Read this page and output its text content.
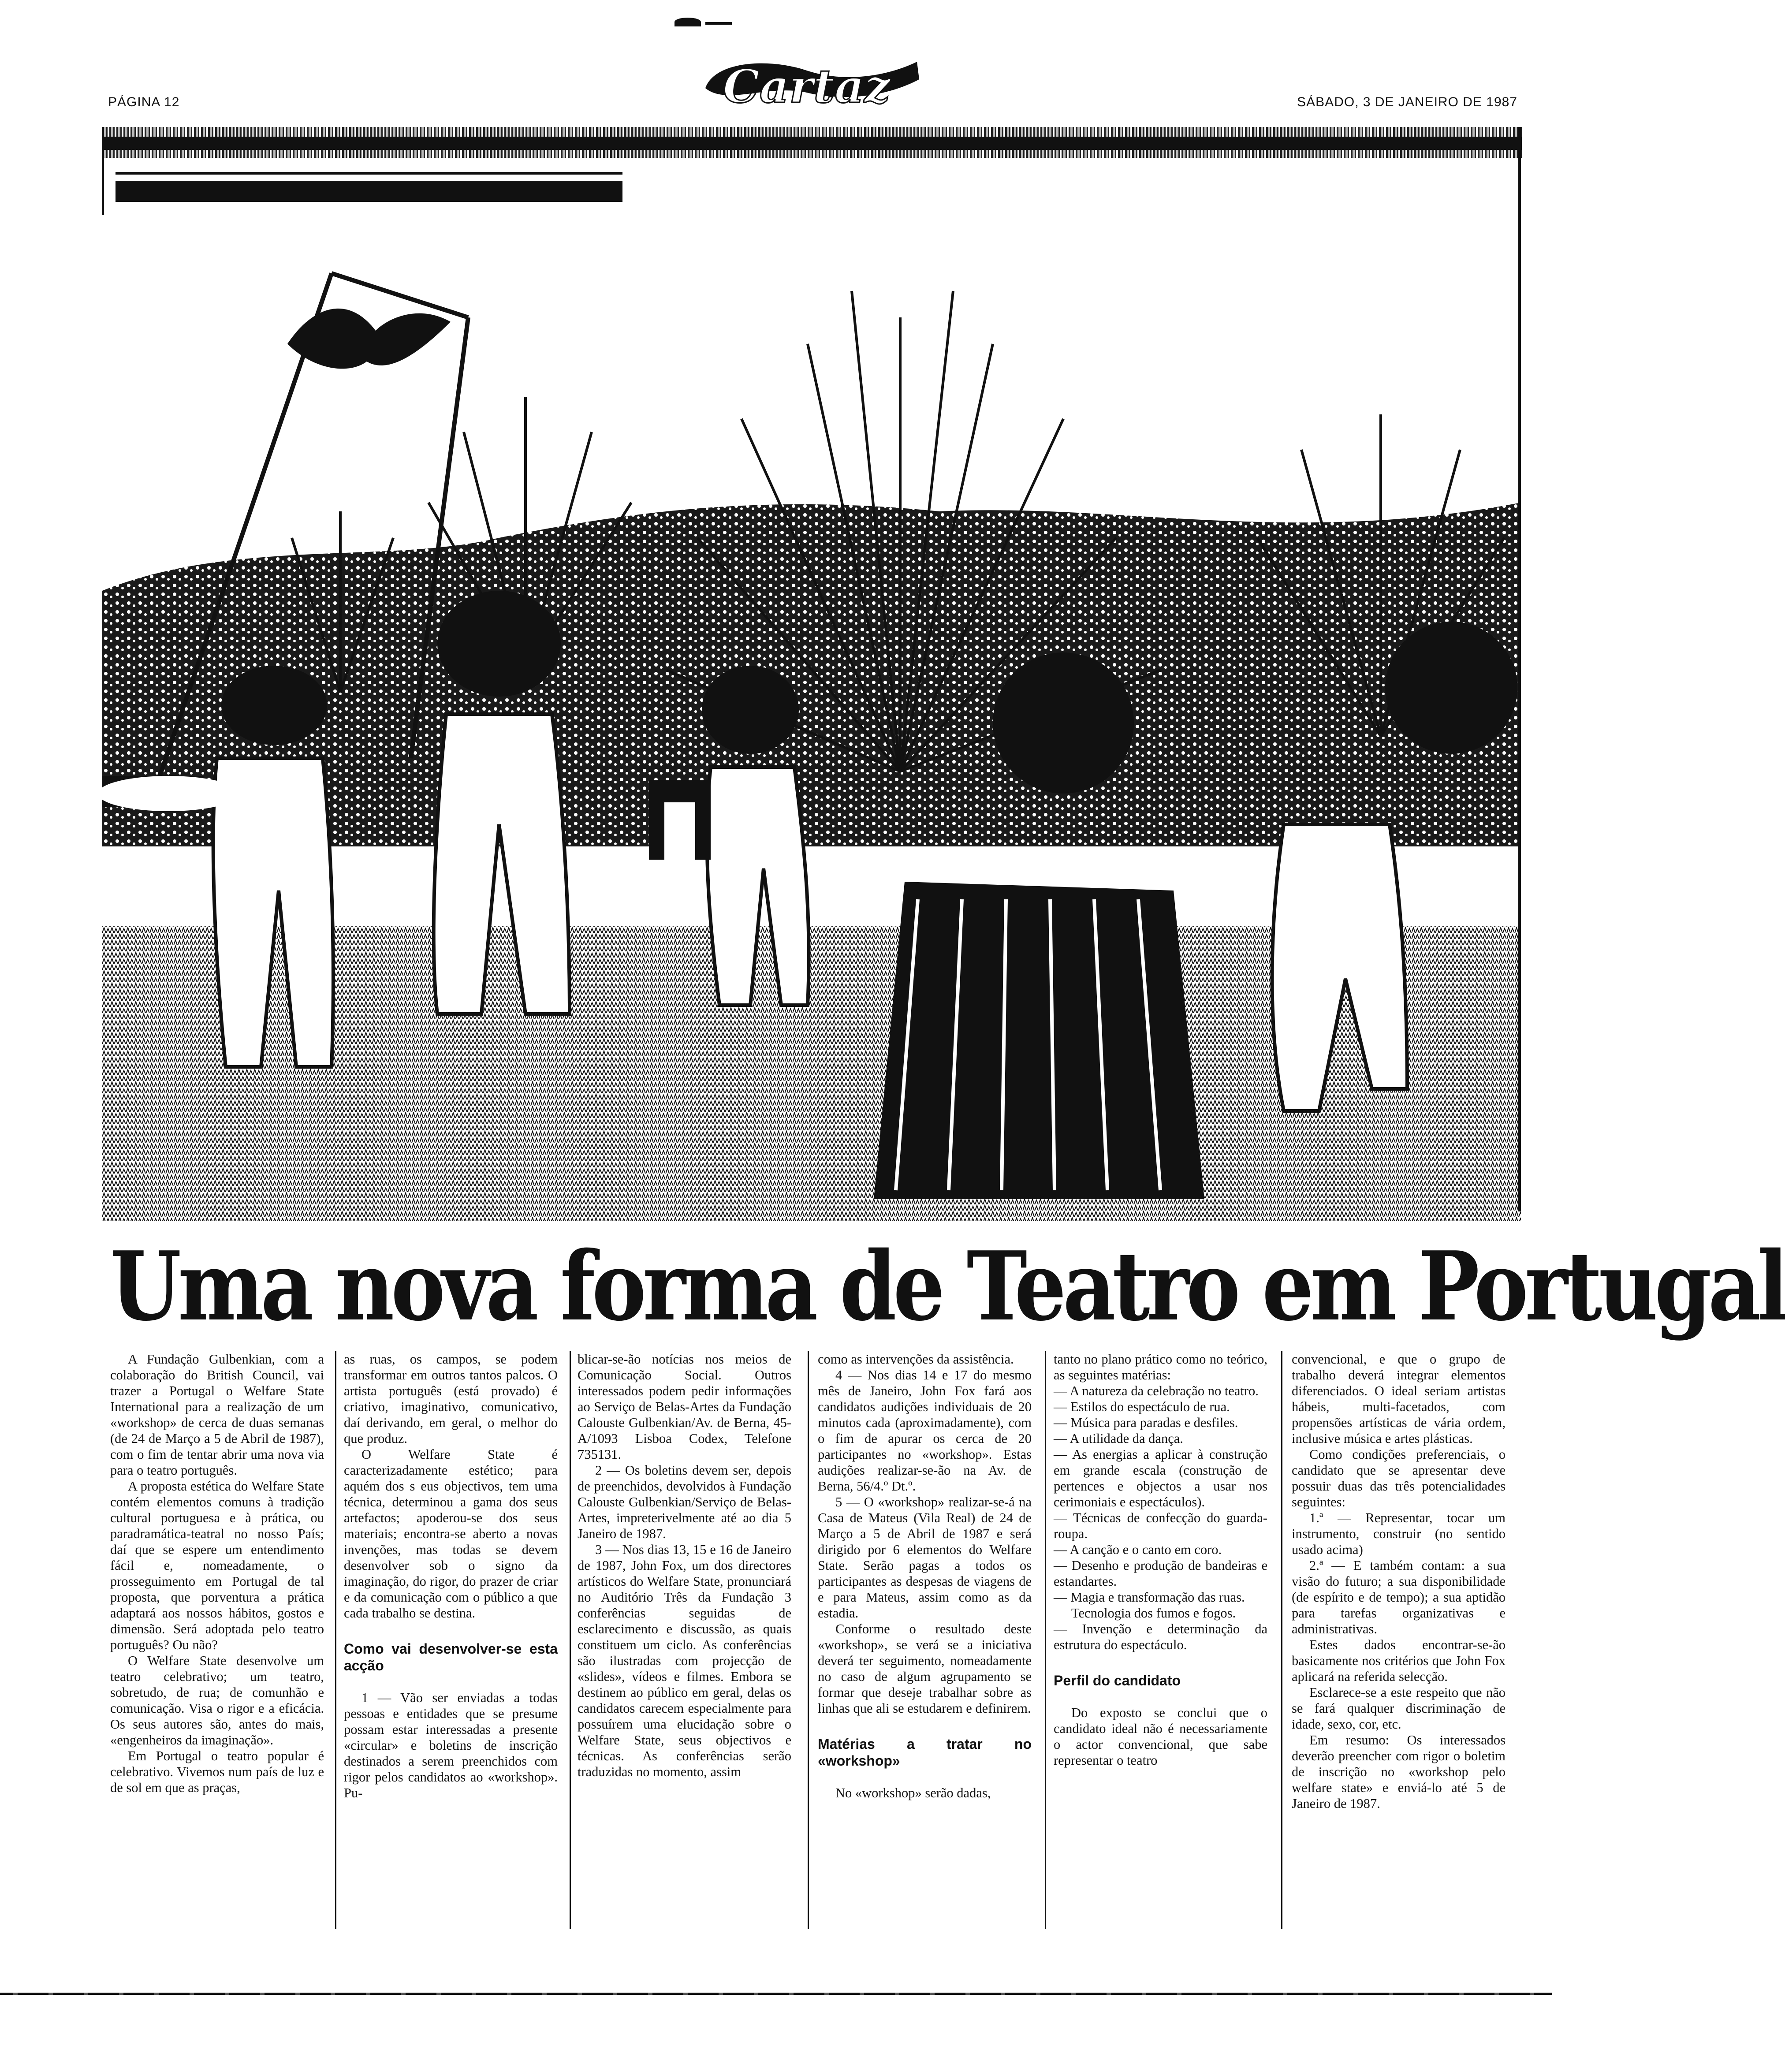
PÁGINA 12	Cartaz	SÁBADO, 3 DE JANEIRO DE 1987
Uma nova forma de Teatro em Portugal

A Fundação Gulbenkian, com a colaboração do British Council, vai trazer a Portugal o Welfare State International para a realização de um «workshop» de cerca de duas semanas (de 24 de Março a 5 de Abril de 1987), com o fim de tentar abrir uma nova via para o teatro português.

A proposta estética do Welfare State contém elementos comuns à tradição cultural portuguesa e à prática, ou paradramática-teatral no nosso País; daí que se espere um entendimento fácil e, nomeadamente, o prosseguimento em Portugal de tal proposta, que porventura a prática adaptará aos nossos hábitos, gostos e dimensão. Será adoptada pelo teatro português? Ou não?

O Welfare State desenvolve um teatro celebrativo; um teatro, sobretudo, de rua; de comunhão e comunicação. Visa o rigor e a eficácia. Os seus autores são, antes do mais, «engenheiros da imaginação».

Em Portugal o teatro popular é celebrativo. Vivemos num país de luz e de sol em que as praças,

as ruas, os campos, se podem transformar em outros tantos palcos. O artista português (está provado) é criativo, imaginativo, comunicativo, daí derivando, em geral, o melhor do que produz.

O Welfare State é caracterizadamente estético; para aquém dos s eus objectivos, tem uma técnica, determinou a gama dos seus artefactos; apoderou-se dos seus materiais; encontra-se aberto a novas invenções, mas todas se devem desenvolver sob o signo da imaginação, do rigor, do prazer de criar e da comunicação com o público a que cada trabalho se destina.

Como vai desenvolver-se esta acção

1 — Vão ser enviadas a todas pessoas e entidades que se presume possam estar interessadas a presente «circular» e boletins de inscrição destinados a serem preenchidos com rigor pelos candidatos ao «workshop». Pu-

blicar-se-ão notícias nos meios de Comunicação Social. Outros interessados podem pedir informações ao Serviço de Belas-Artes da Fundação Calouste Gulbenkian/Av. de Berna, 45-A/1093 Lisboa Codex, Telefone 735131.

2 — Os boletins devem ser, depois de preenchidos, devolvidos à Fundação Calouste Gulbenkian/Serviço de Belas-Artes, impreterivelmente até ao dia 5 Janeiro de 1987.

3 — Nos dias 13, 15 e 16 de Janeiro de 1987, John Fox, um dos directores artísticos do Welfare State, pronunciará no Auditório Três da Fundação 3 conferências seguidas de esclarecimento e discussão, as quais constituem um ciclo. As conferências são ilustradas com projecção de «slides», vídeos e filmes. Embora se destinem ao público em geral, delas os candidatos carecem especialmente para possuírem uma elucidação sobre o Welfare State, seus objectivos e técnicas. As conferências serão traduzidas no momento, assim

como as intervenções da assistência.

4 — Nos dias 14 e 17 do mesmo mês de Janeiro, John Fox fará aos candidatos audições individuais de 20 minutos cada (aproximadamente), com o fim de apurar os cerca de 20 participantes no «workshop». Estas audições realizar-se-ão na Av. de Berna, 56/4.º Dt.º.

5 — O «workshop» realizar-se-á na Casa de Mateus (Vila Real) de 24 de Março a 5 de Abril de 1987 e será dirigido por 6 elementos do Welfare State. Serão pagas a todos os participantes as despesas de viagens de e para Mateus, assim como as da estadia.

Conforme o resultado deste «workshop», se verá se a iniciativa deverá ter seguimento, nomeadamente no caso de algum agrupamento se formar que deseje trabalhar sobre as linhas que ali se estudarem e definirem.

Matérias a tratar no «workshop»

No «workshop» serão dadas,

tanto no plano prático como no teórico, as seguintes matérias:

— A natureza da celebração no teatro.

— Estilos do espectáculo de rua.

— Música para paradas e desfiles.

— A utilidade da dança.

— As energias a aplicar à construção em grande escala (construção de pertences e objectos a usar nos cerimoniais e espectáculos).

— Técnicas de confecção do guarda-roupa.

— A canção e o canto em coro.

— Desenho e produção de bandeiras e estandartes.

— Magia e transformação das ruas.

Tecnologia dos fumos e fogos.

— Invenção e determinação da estrutura do espectáculo.

Perfil do candidato

Do exposto se conclui que o candidato ideal não é necessariamente o actor convencional, que sabe representar o teatro

convencional, e que o grupo de trabalho deverá integrar elementos diferenciados. O ideal seriam artistas hábeis, multi-facetados, com propensões artísticas de vária ordem, inclusive música e artes plásticas.

Como condições preferenciais, o candidato que se apresentar deve possuir duas das três potencialidades seguintes:

1.ª — Representar, tocar um instrumento, construir (no sentido usado acima)

2.ª — E também contam: a sua visão do futuro; a sua disponibilidade (de espírito e de tempo); a sua aptidão para tarefas organizativas e administrativas.

Estes dados encontrar-se-ão basicamente nos critérios que John Fox aplicará na referida selecção.

Esclarece-se a este respeito que não se fará qualquer discriminação de idade, sexo, cor, etc.

Em resumo: Os interessados deverão preencher com rigor o boletim de inscrição no «workshop pelo welfare state» e enviá-lo até 5 de Janeiro de 1987.
